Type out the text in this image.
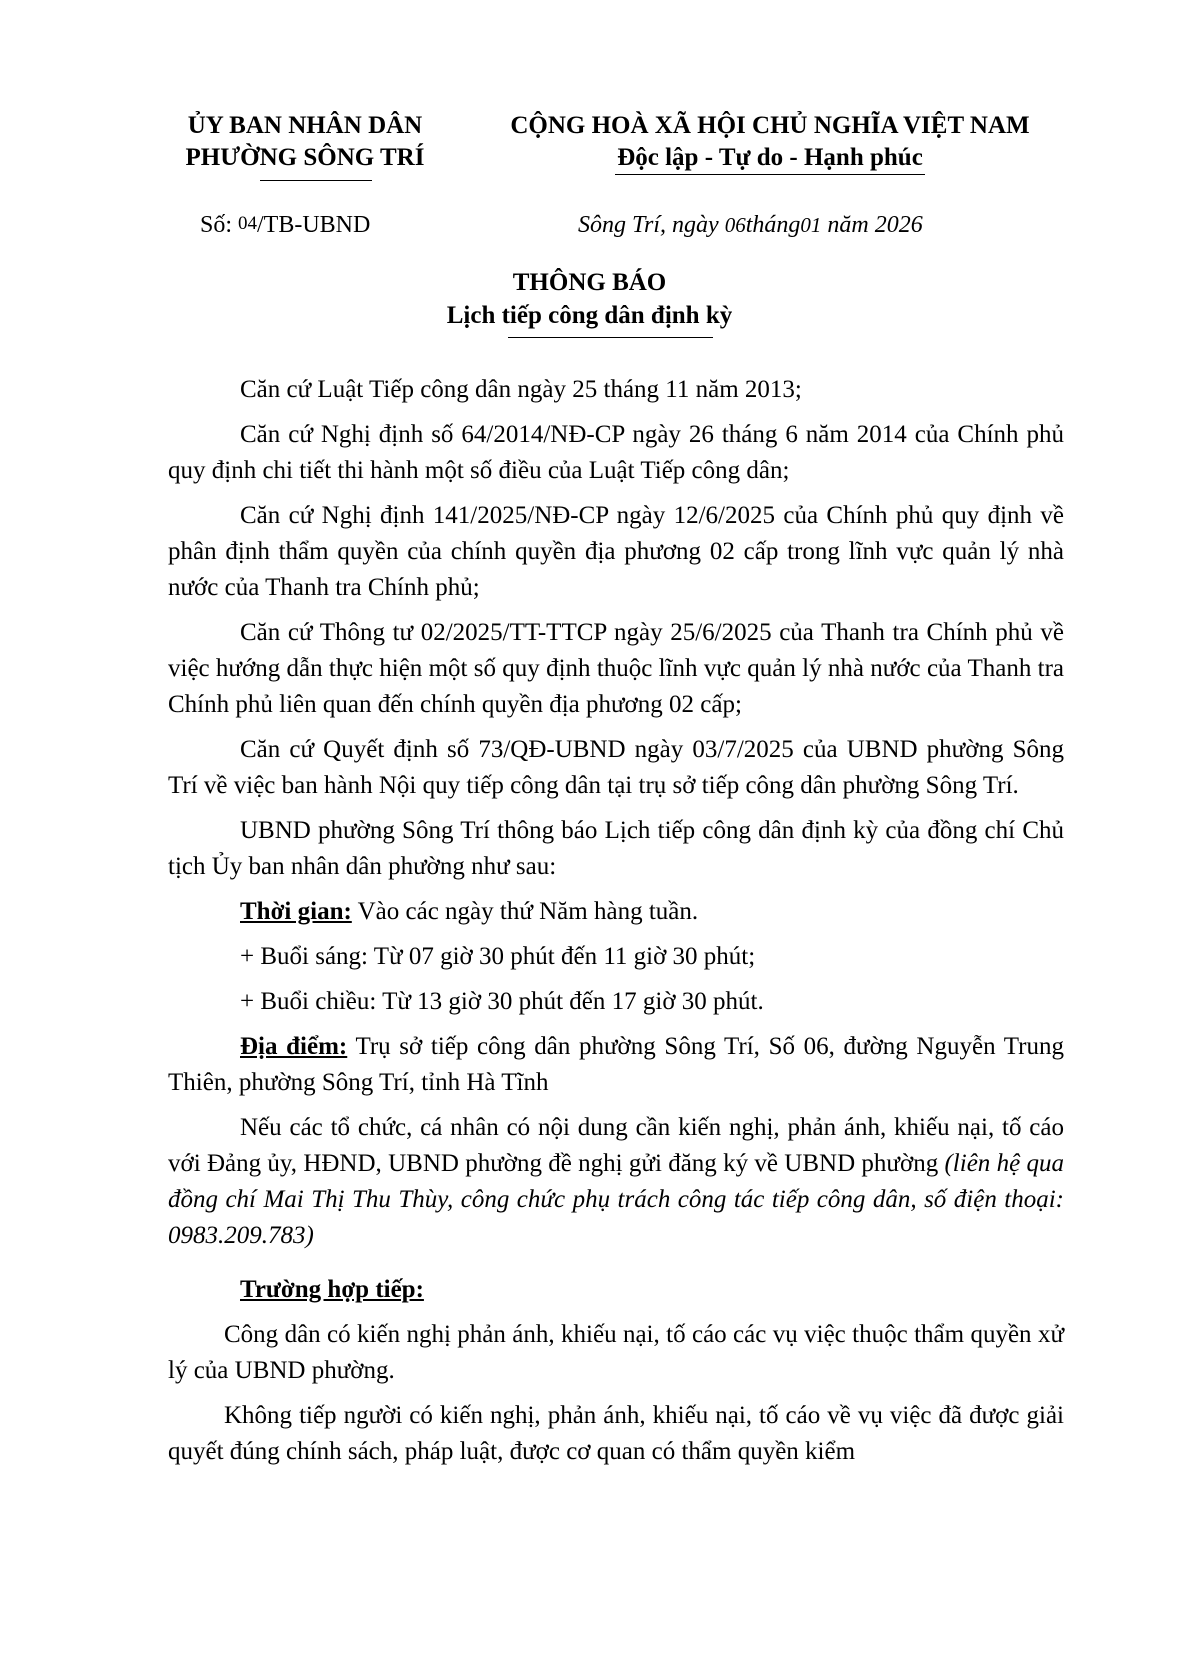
ỦY BAN NHÂN DÂN
PHƯỜNG SÔNG TRÍ
CỘNG HOÀ XÃ HỘI CHỦ NGHĨA VIỆT NAM
Độc lập - Tự do - Hạnh phúc
Số: 04/TB-UBND	Sông Trí, ngày 06tháng01 năm 2026
THÔNG BÁO
Lịch tiếp công dân định kỳ

Căn cứ Luật Tiếp công dân ngày 25 tháng 11 năm 2013;

Căn cứ Nghị định số 64/2014/NĐ-CP ngày 26 tháng 6 năm 2014 của Chính phủ quy định chi tiết thi hành một số điều của Luật Tiếp công dân;

Căn cứ Nghị định 141/2025/NĐ-CP ngày 12/6/2025 của Chính phủ quy định về phân định thẩm quyền của chính quyền địa phương 02 cấp trong lĩnh vực quản lý nhà nước của Thanh tra Chính phủ;

Căn cứ Thông tư 02/2025/TT-TTCP ngày 25/6/2025 của Thanh tra Chính phủ về việc hướng dẫn thực hiện một số quy định thuộc lĩnh vực quản lý nhà nước của Thanh tra Chính phủ liên quan đến chính quyền địa phương 02 cấp;

Căn cứ Quyết định số 73/QĐ-UBND ngày 03/7/2025 của UBND phường Sông Trí về việc ban hành Nội quy tiếp công dân tại trụ sở tiếp công dân phường Sông Trí.

UBND phường Sông Trí thông báo Lịch tiếp công dân định kỳ của đồng chí Chủ tịch Ủy ban nhân dân phường như sau:

Thời gian: Vào các ngày thứ Năm hàng tuần.

+ Buổi sáng: Từ 07 giờ 30 phút đến 11 giờ 30 phút;

+ Buổi chiều: Từ 13 giờ 30 phút đến 17 giờ 30 phút.

Địa điểm: Trụ sở tiếp công dân phường Sông Trí, Số 06, đường Nguyễn Trung Thiên, phường Sông Trí, tỉnh Hà Tĩnh

Nếu các tổ chức, cá nhân có nội dung cần kiến nghị, phản ánh, khiếu nại, tố cáo với Đảng ủy, HĐND, UBND phường đề nghị gửi đăng ký về UBND phường (liên hệ qua đồng chí Mai Thị Thu Thùy, công chức phụ trách công tác tiếp công dân, số điện thoại: 0983.209.783)

Trường hợp tiếp:

Công dân có kiến nghị phản ánh, khiếu nại, tố cáo các vụ việc thuộc thẩm quyền xử lý của UBND phường.

Không tiếp người có kiến nghị, phản ánh, khiếu nại, tố cáo về vụ việc đã được giải quyết đúng chính sách, pháp luật, được cơ quan có thẩm quyền kiểm
